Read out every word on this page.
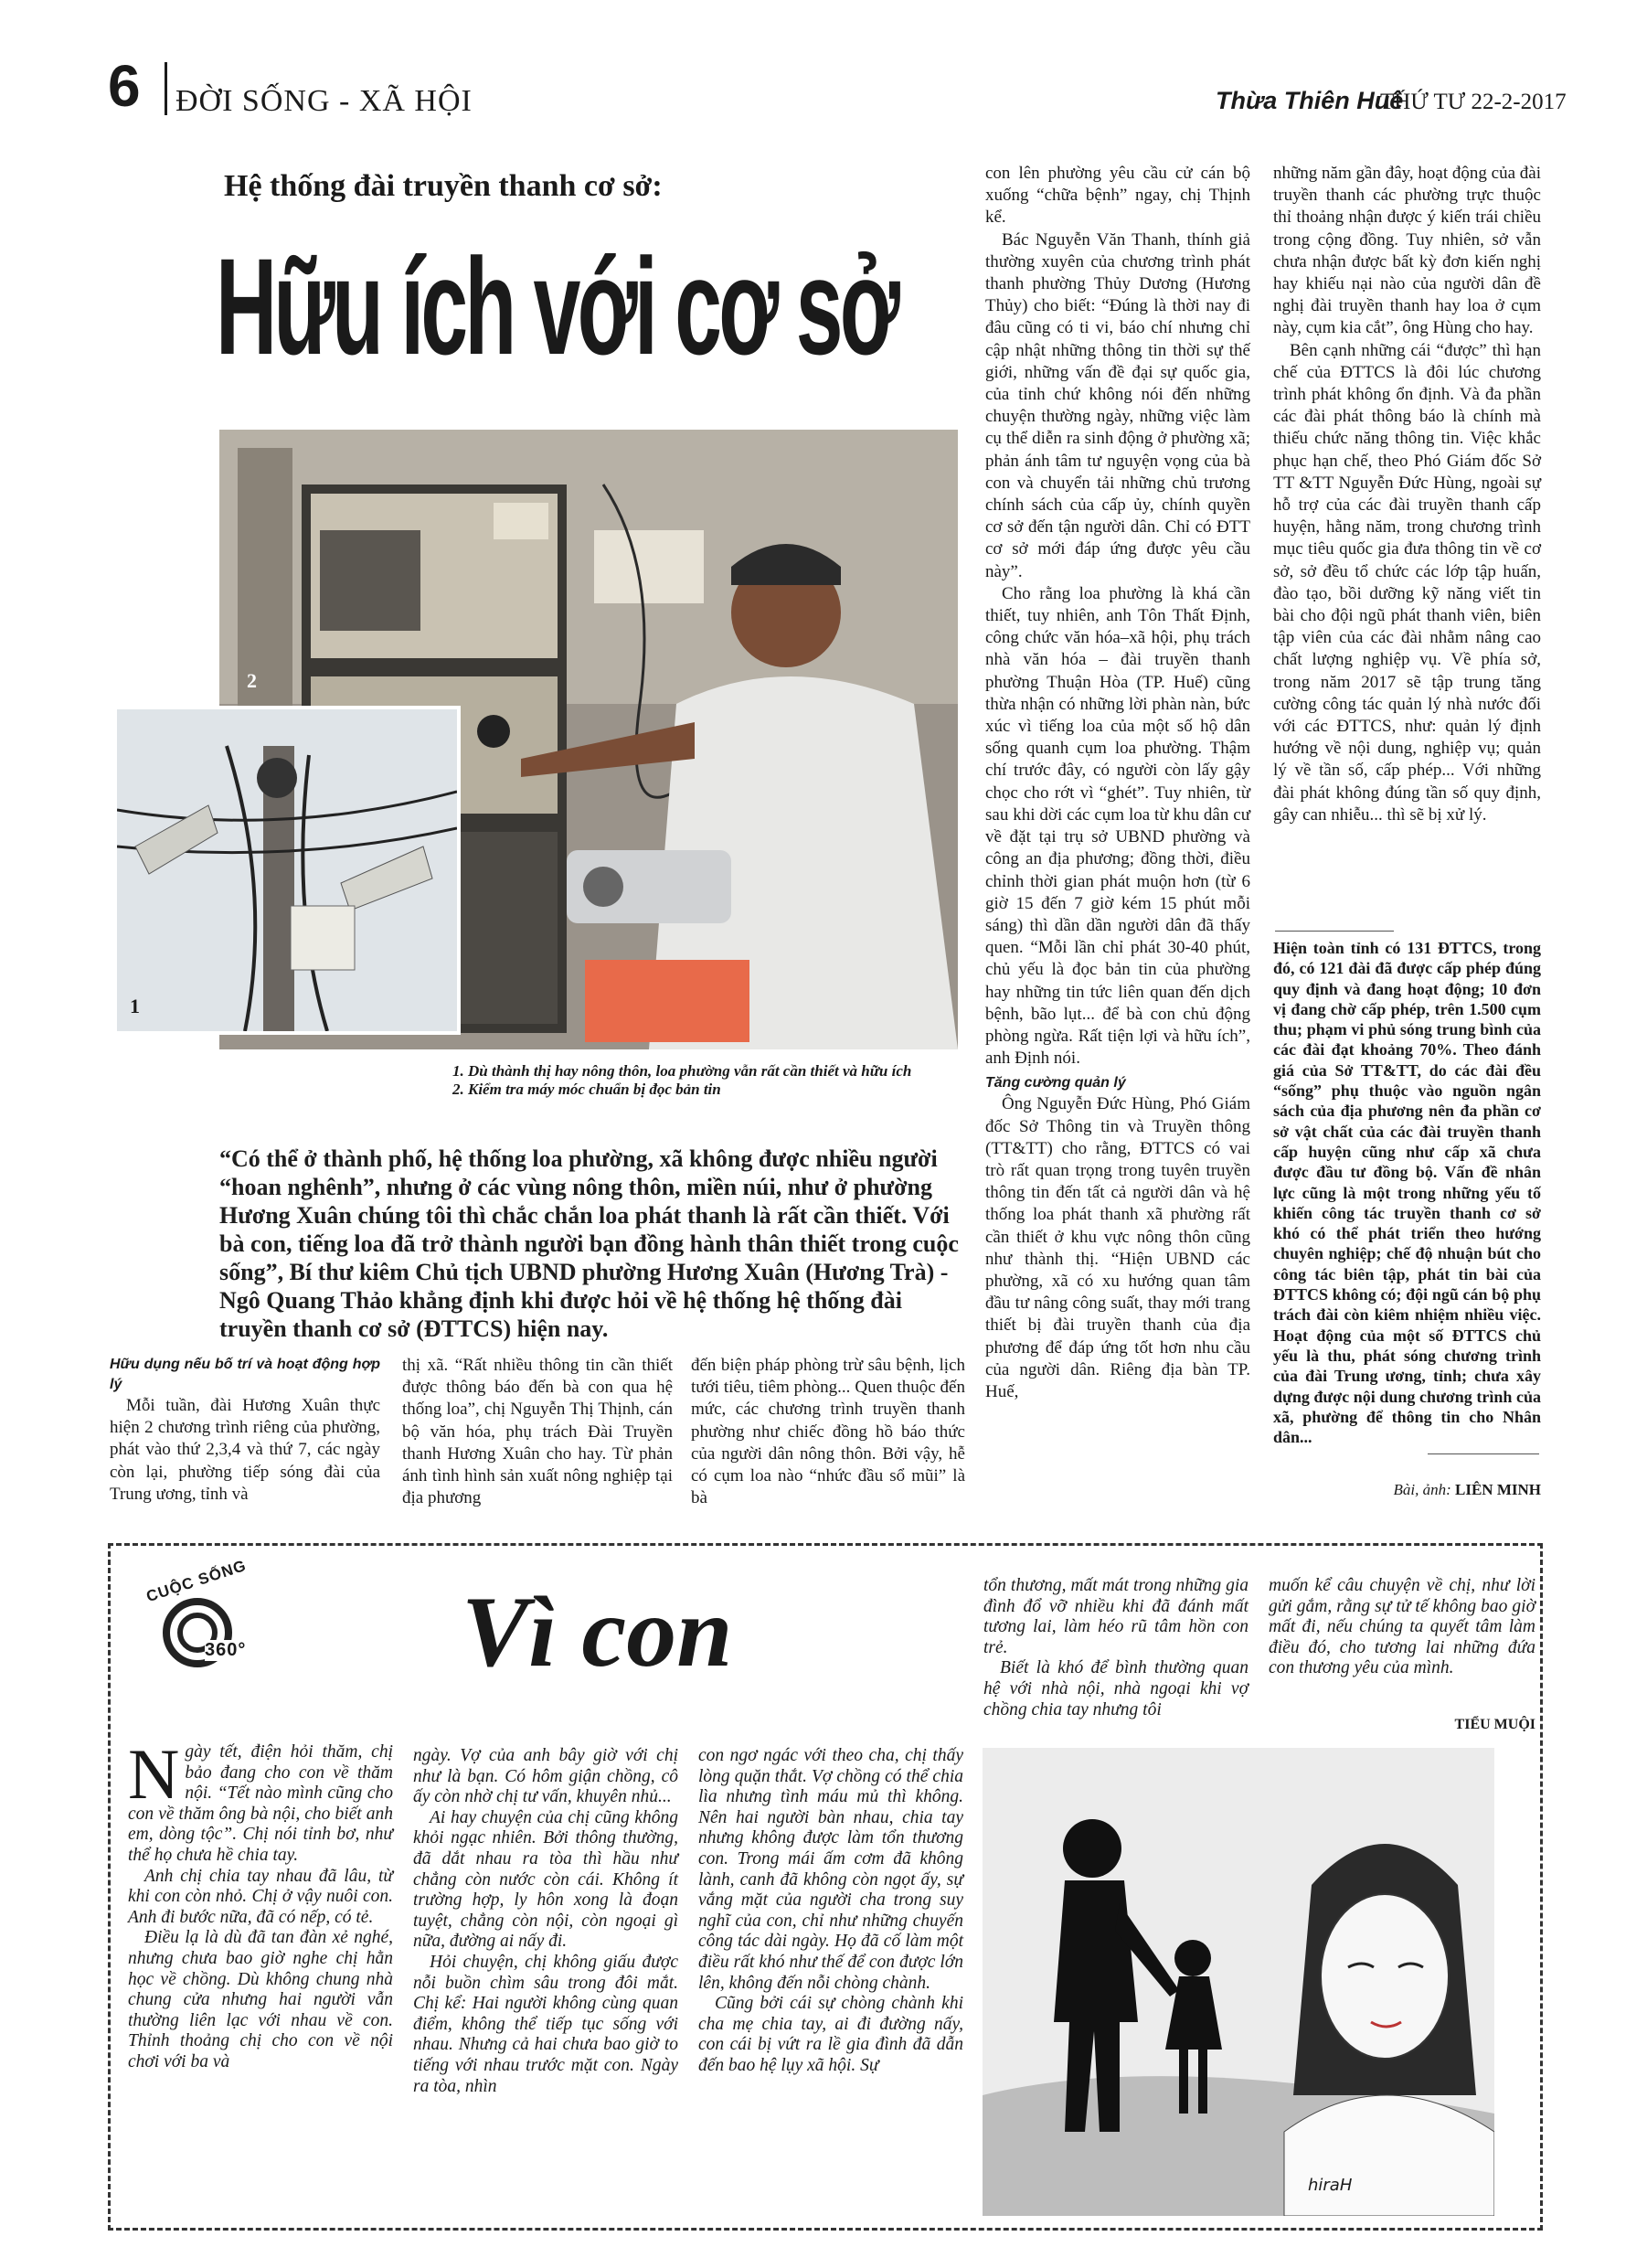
6 ĐỜI SỐNG - XÃ HỘI	Thừa Thiên Huế
THỨ TƯ 22-2-2017
Hệ thống đài truyền thanh cơ sở:
Hữu ích với cơ sở
2
1
1. Dù thành thị hay nông thôn, loa phường vẫn rất cần thiết và hữu ích
2. Kiểm tra máy móc chuẩn bị đọc bản tin
“Có thể ở thành phố, hệ thống loa phường, xã không được nhiều người “hoan nghênh”, nhưng ở các vùng nông thôn, miền núi, như ở phường Hương Xuân chúng tôi thì chắc chắn loa phát thanh là rất cần thiết. Với bà con, tiếng loa đã trở thành người bạn đồng hành thân thiết trong cuộc sống”, Bí thư kiêm Chủ tịch UBND phường Hương Xuân (Hương Trà) - Ngô Quang Thảo khẳng định khi được hỏi về hệ thống hệ thống đài truyền thanh cơ sở (ĐTTCS) hiện nay.

Hữu dụng nếu bố trí và hoạt động hợp lý

Mỗi tuần, đài Hương Xuân thực hiện 2 chương trình riêng của phường, phát vào thứ 2,3,4 và thứ 7, các ngày còn lại, phường tiếp sóng đài của Trung ương, tỉnh và

thị xã. “Rất nhiều thông tin cần thiết được thông báo đến bà con qua hệ thống loa”, chị Nguyễn Thị Thịnh, cán bộ văn hóa, phụ trách Đài Truyền thanh Hương Xuân cho hay. Từ phản ánh tình hình sản xuất nông nghiệp tại địa phương

đến biện pháp phòng trừ sâu bệnh, lịch tưới tiêu, tiêm phòng... Quen thuộc đến mức, các chương trình truyền thanh phường như chiếc đồng hồ báo thức của người dân nông thôn. Bởi vậy, hễ có cụm loa nào “nhức đầu sổ mũi” là bà

con lên phường yêu cầu cử cán bộ xuống “chữa bệnh” ngay, chị Thịnh kể.

Bác Nguyễn Văn Thanh, thính giả thường xuyên của chương trình phát thanh phường Thủy Dương (Hương Thủy) cho biết: “Đúng là thời nay đi đâu cũng có ti vi, báo chí nhưng chỉ cập nhật những thông tin thời sự thế giới, những vấn đề đại sự quốc gia, của tỉnh chứ không nói đến những chuyện thường ngày, những việc làm cụ thể diễn ra sinh động ở phường xã; phản ánh tâm tư nguyện vọng của bà con và chuyển tải những chủ trương chính sách của cấp ủy, chính quyền cơ sở đến tận người dân. Chỉ có ĐTT cơ sở mới đáp ứng được yêu cầu này”.

Cho rằng loa phường là khá cần thiết, tuy nhiên, anh Tôn Thất Định, công chức văn hóa–xã hội, phụ trách nhà văn hóa – đài truyền thanh phường Thuận Hòa (TP. Huế) cũng thừa nhận có những lời phàn nàn, bức xúc vì tiếng loa của một số hộ dân sống quanh cụm loa phường. Thậm chí trước đây, có người còn lấy gậy chọc cho rớt vì “ghét”. Tuy nhiên, từ sau khi dời các cụm loa từ khu dân cư về đặt tại trụ sở UBND phường và công an địa phương; đồng thời, điều chỉnh thời gian phát muộn hơn (từ 6 giờ 15 đến 7 giờ kém 15 phút mỗi sáng) thì dần dần người dân đã thấy quen. “Mỗi lần chỉ phát 30-40 phút, chủ yếu là đọc bản tin của phường hay những tin tức liên quan đến dịch bệnh, bão lụt... để bà con chủ động phòng ngừa. Rất tiện lợi và hữu ích”, anh Định nói.

Tăng cường quản lý

Ông Nguyễn Đức Hùng, Phó Giám đốc Sở Thông tin và Truyền thông (TT&TT) cho rằng, ĐTTCS có vai trò rất quan trọng trong tuyên truyền thông tin đến tất cả người dân và hệ thống loa phát thanh xã phường rất cần thiết ở khu vực nông thôn cũng như thành thị. “Hiện UBND các phường, xã có xu hướng quan tâm đầu tư nâng công suất, thay mới trang thiết bị đài truyền thanh của địa phương để đáp ứng tốt hơn nhu cầu của người dân. Riêng địa bàn TP. Huế,

những năm gần đây, hoạt động của đài truyền thanh các phường trực thuộc thỉ thoảng nhận được ý kiến trái chiều trong cộng đồng. Tuy nhiên, sở vẫn chưa nhận được bất kỳ đơn kiến nghị hay khiếu nại nào của người dân đề nghị đài truyền thanh hay loa ở cụm này, cụm kia cắt”, ông Hùng cho hay.

Bên cạnh những cái “được” thì hạn chế của ĐTTCS là đôi lúc chương trình phát không ổn định. Và đa phần các đài phát thông báo là chính mà thiếu chức năng thông tin. Việc khắc phục hạn chế, theo Phó Giám đốc Sở TT &TT Nguyễn Đức Hùng, ngoài sự hỗ trợ của các đài truyền thanh cấp huyện, hằng năm, trong chương trình mục tiêu quốc gia đưa thông tin về cơ sở, sở đều tổ chức các lớp tập huấn, đào tạo, bồi dưỡng kỹ năng viết tin bài cho đội ngũ phát thanh viên, biên tập viên của các đài nhằm nâng cao chất lượng nghiệp vụ. Về phía sở, trong năm 2017 sẽ tập trung tăng cường công tác quản lý nhà nước đối với các ĐTTCS, như: quản lý định hướng về nội dung, nghiệp vụ; quản lý về tần số, cấp phép... Với những đài phát không đúng tần số quy định, gây can nhiễu... thì sẽ bị xử lý.

Hiện toàn tỉnh có 131 ĐTTCS, trong đó, có 121 đài đã được cấp phép đúng quy định và đang hoạt động; 10 đơn vị đang chờ cấp phép, trên 1.500 cụm thu; phạm vi phủ sóng trung bình của các đài đạt khoảng 70%. Theo đánh giá của Sở TT&TT, do các đài đều “sống” phụ thuộc vào nguồn ngân sách của địa phương nên đa phần cơ sở vật chất của các đài truyền thanh cấp huyện cũng như cấp xã chưa được đầu tư đồng bộ. Vấn đề nhân lực cũng là một trong những yếu tố khiến công tác truyền thanh cơ sở khó có thể phát triển theo hướng chuyên nghiệp; chế độ nhuận bút cho công tác biên tập, phát tin bài của ĐTTCS không có; đội ngũ cán bộ phụ trách đài còn kiêm nhiệm nhiều việc. Hoạt động của một số ĐTTCS chủ yếu là thu, phát sóng chương trình của đài Trung ương, tỉnh; chưa xây dựng được nội dung chương trình của xã, phường để thông tin cho Nhân dân...
Bài, ảnh: LIÊN MINH
CUỘC SỐNG
360° Vì con

Ngày tết, điện hỏi thăm, chị bảo đang cho con về thăm nội. “Tết nào mình cũng cho con về thăm ông bà nội, cho biết anh em, dòng tộc”. Chị nói tỉnh bơ, như thể họ chưa hề chia tay.

Anh chị chia tay nhau đã lâu, từ khi con còn nhỏ. Chị ở vậy nuôi con. Anh đi bước nữa, đã có nếp, có tẻ.

Điều lạ là dù đã tan đàn xẻ nghé, nhưng chưa bao giờ nghe chị hằn học về chồng. Dù không chung nhà chung cửa nhưng hai người vẫn thường liên lạc với nhau về con. Thỉnh thoảng chị cho con về nội chơi với ba và

ngày. Vợ của anh bây giờ với chị như là bạn. Có hôm giận chồng, cô ấy còn nhờ chị tư vấn, khuyên nhủ...

Ai hay chuyện của chị cũng không khỏi ngạc nhiên. Bởi thông thường, đã dắt nhau ra tòa thì hầu như chẳng còn nước còn cái. Không ít trường hợp, ly hôn xong là đoạn tuyệt, chẳng còn nội, còn ngoại gì nữa, đường ai nấy đi.

Hỏi chuyện, chị không giấu được nỗi buồn chìm sâu trong đôi mắt. Chị kể: Hai người không cùng quan điểm, không thể tiếp tục sống với nhau. Nhưng cả hai chưa bao giờ to tiếng với nhau trước mặt con. Ngày ra tòa, nhìn

con ngơ ngác với theo cha, chị thấy lòng quặn thắt. Vợ chồng có thể chia lìa nhưng tình máu mủ thì không. Nên hai người bàn nhau, chia tay nhưng không được làm tổn thương con. Trong mái ấm cơm đã không lành, canh đã không còn ngọt ấy, sự vắng mặt của người cha trong suy nghĩ của con, chỉ như những chuyến công tác dài ngày. Họ đã cố làm một điều rất khó như thế để con được lớn lên, không đến nỗi chòng chành.

Cũng bởi cái sự chòng chành khi cha mẹ chia tay, ai đi đường nấy, con cái bị vứt ra lề gia đình đã dẫn đến bao hệ lụy xã hội. Sự

tổn thương, mất mát trong những gia đình đổ vỡ nhiều khi đã đánh mất tương lai, làm héo rũ tâm hồn con trẻ.

Biết là khó để bình thường quan hệ với nhà nội, nhà ngoại khi vợ chồng chia tay nhưng tôi

muốn kể câu chuyện về chị, như lời gửi gắm, rằng sự tử tế không bao giờ mất đi, nếu chúng ta quyết tâm làm điều đó, cho tương lai những đứa con thương yêu của mình.

TIỂU MUỘI
hiraH
